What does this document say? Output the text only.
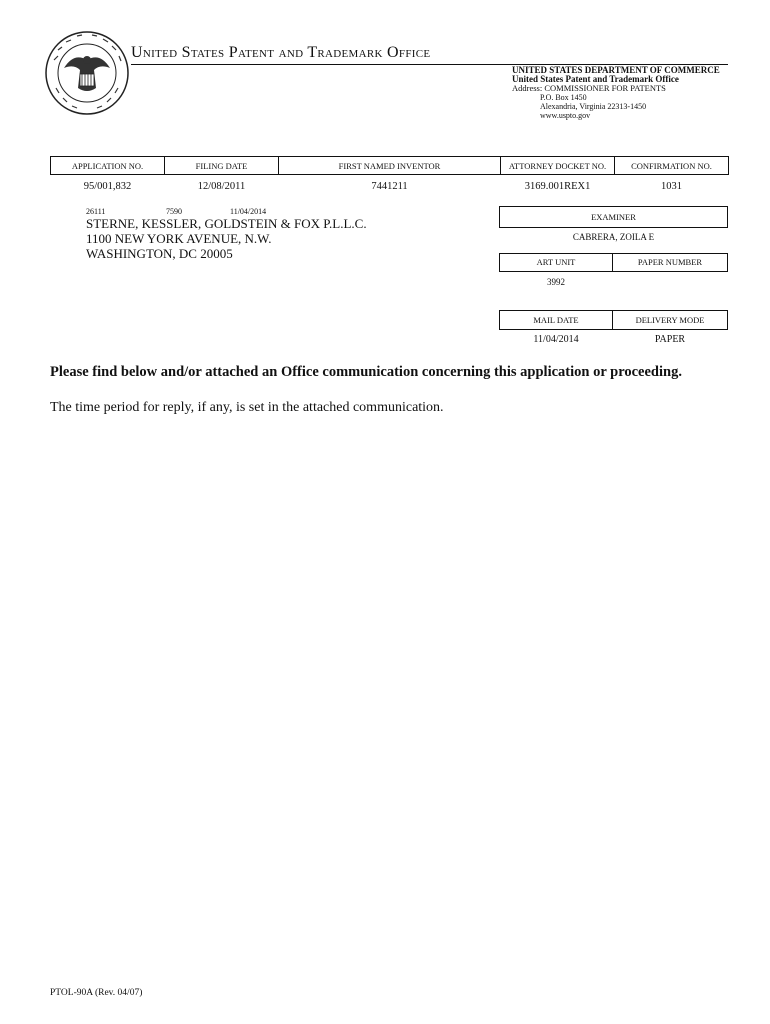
United States Patent and Trademark Office
UNITED STATES DEPARTMENT OF COMMERCE
United States Patent and Trademark Office
Address: COMMISSIONER FOR PATENTS
P.O. Box 1450
Alexandria, Virginia 22313-1450
www.uspto.gov
APPLICATION NO.	FILING DATE	FIRST NAMED INVENTOR	ATTORNEY DOCKET NO.	CONFIRMATION NO.
95/001,832	12/08/2011	7441211	3169.001REX1	1031
26111	7590	11/04/2014
STERNE, KESSLER, GOLDSTEIN & FOX P.L.L.C.
1100 NEW YORK AVENUE, N.W.
WASHINGTON, DC 20005
EXAMINER
CABRERA, ZOILA E
ART UNIT	PAPER NUMBER
3992
MAIL DATE	DELIVERY MODE
11/04/2014	PAPER
Please find below and/or attached an Office communication concerning this application or proceeding.
The time period for reply, if any, is set in the attached communication.
PTOL-90A (Rev. 04/07)
